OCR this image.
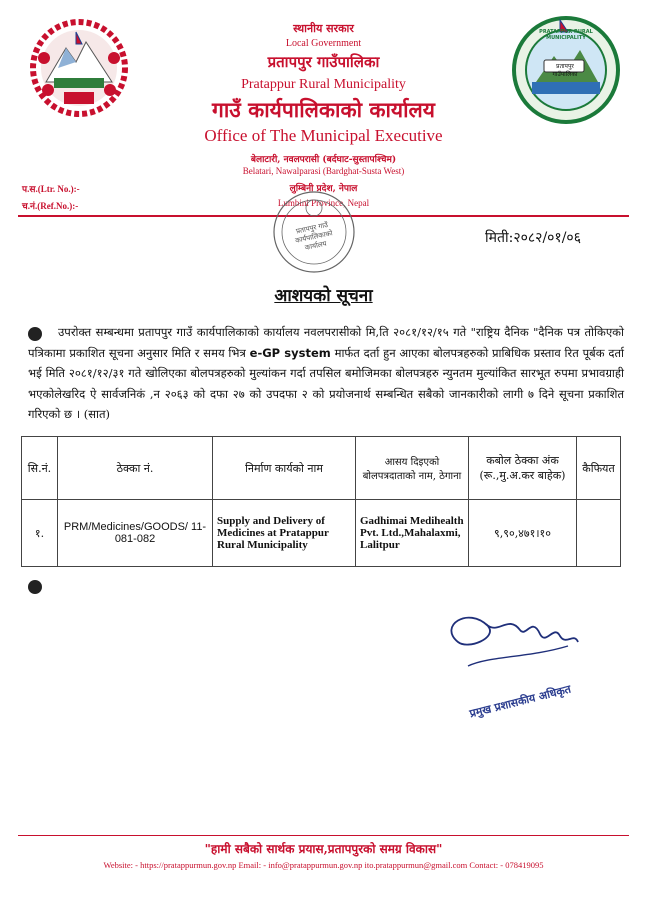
PRATAPPUR RURAL MUNICIPALITY
प्रतापपुर गाउँपालिका
स्थानीय सरकार
Local Government
प्रतापपुर गाउँपालिका
Pratappur Rural Municipality
गाउँ कार्यपालिकाको कार्यालय
Office of The Municipal Executive
बेलाटारी, नवलपरासी (बर्दघाट-सुस्तापश्चिम)
Belatari, Nawalparasi (Bardghat-Susta West)
लुम्बिनी प्रदेश, नेपाल
Lumbini Province, Nepal
प.स.(Ltr. No.):-
च.नं.(Ref.No.):-
प्रतापपुर गाउँ कार्यपालिकाको कार्यालय	मिती:२०८२/०१/०६
आशयको सूचना
उपरोक्त सम्बन्धमा प्रतापपुर गाउँ कार्यपालिकाको कार्यालय नवलपरासीको मि,ति २०८१/१२/१५ गते "राष्ट्रिय दैनिक "दैनिक पत्र तोकिएको पत्रिकामा प्रकाशित सूचना अनुसार मिति र समय भित्र e-GP system मार्फत दर्ता हुन आएका बोलपत्रहरुको प्राबिधिक प्रस्ताव रित पूर्बक दर्ता भई मिति २०८१/१२/३१ गते खोलिएका बोलपत्रहरुको मुल्यांकन गर्दा तपसिल बमोजिमका बोलपत्रहरु न्युनतम मुल्यांकित सारभूत रुपमा प्रभावग्राही भएकोलेखरिद ऐ सार्वजनिकं ,न २०६३ को दफा २७ को उपदफा २ को प्रयोजनार्थ सम्बन्धित सबैको जानकारीको लागी ७ दिने सूचना प्रकाशित गरिएको छ । (सात)
सि.नं.	ठेक्का नं.	निर्माण कार्यको नाम	आसय दिइएको बोलपत्रदाताको नाम, ठेगाना	कबोल ठेक्का अंक (रू.,मु.अ.कर बाहेक)	कैफियत
१.	PRM/Medicines/GOODS/ 11-081-082	Supply and Delivery of Medicines at Pratappur Rural Municipality	Gadhimai Medihealth Pvt. Ltd.,Mahalaxmi, Lalitpur	९,९०,४७१।१०	
प्रमुख प्रशासकीय अधिकृत
"हामी सबैको सार्थक प्रयास,प्रतापपुरको समग्र विकास"
Website: - https://pratappurmun.gov.np Email: - info@pratappurmun.gov.np ito.pratappurmun@gmail.com Contact: - 078419095
